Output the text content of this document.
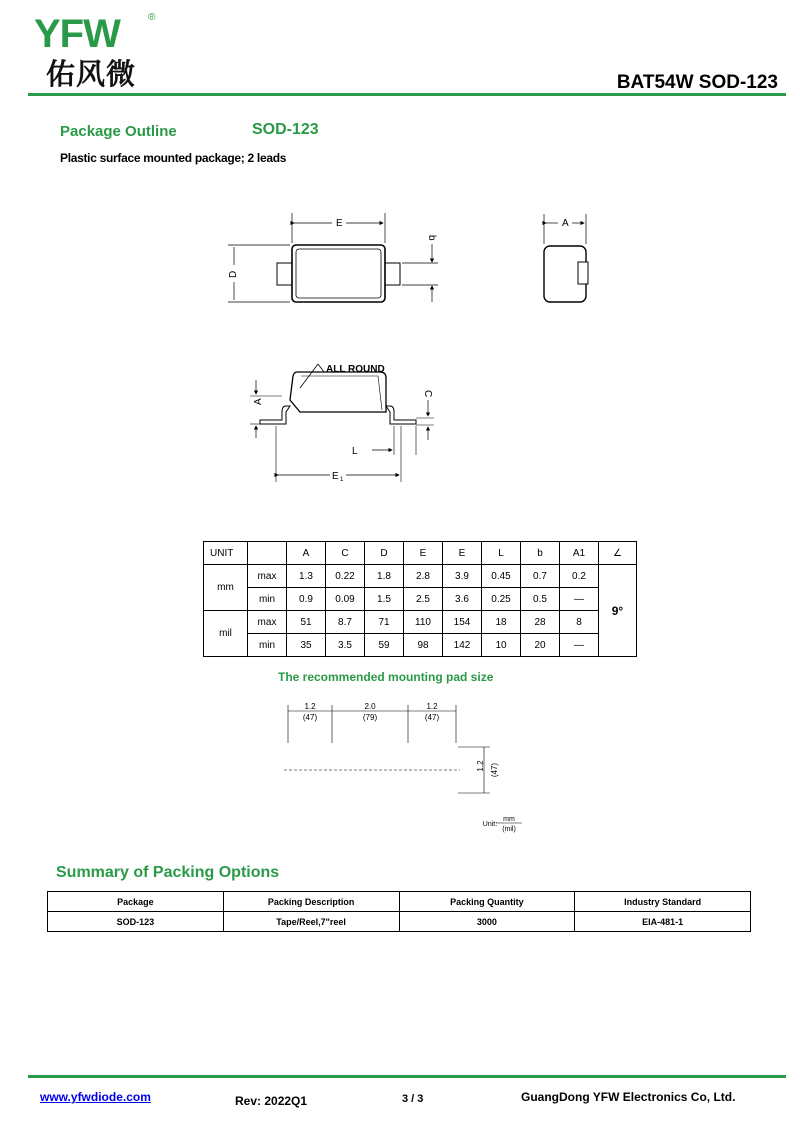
YFW	®
佑风微	BAT54W SOD-123
Package Outline	SOD-123
Plastic surface mounted package; 2 leads
E
b
D
A
ALL ROUND
A
C
L
E 1
UNIT		A	C	D	E	E	L	b	A1	∠
mm	max	1.3	0.22	1.8	2.8	3.9	0.45	0.7	0.2	9°
	min	0.9	0.09	1.5	2.5	3.6	0.25	0.5	—	
mil	max	51	8.7	71	110	154	18	28	8	
	min	35	3.5	59	98	142	10	20	—	
The recommended mounting pad size
1.2
(47)
2.0
(79)
1.2
(47)
1.2 (47)
Unit:
mm
(mil)
Summary of Packing Options
Package	Packing Description	Packing Quantity	Industry Standard
SOD-123	Tape/Reel,7"reel	3000	EIA-481-1
www.yfwdiode.com	Rev: 2022Q1	3 / 3	GuangDong YFW Electronics Co, Ltd.
